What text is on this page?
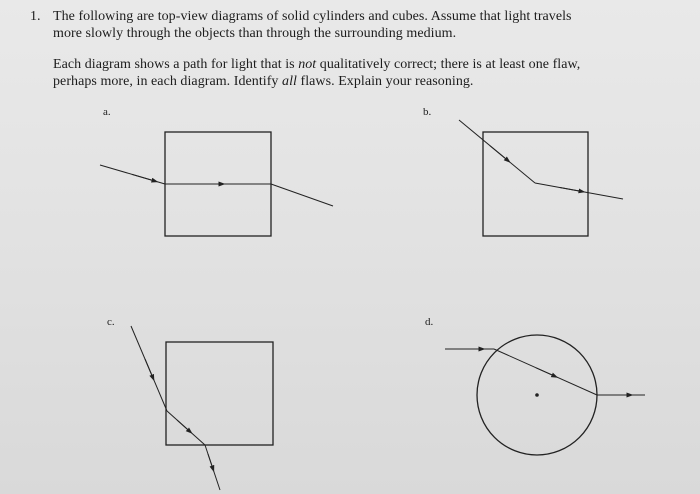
1. The following are top-view diagrams of solid cylinders and cubes. Assume that light travels
more slowly through the objects than through the surrounding medium.
Each diagram shows a path for light that is not qualitatively correct; there is at least one flaw,
perhaps more, in each diagram. Identify all flaws. Explain your reasoning.
a.	b.
c.	d.
